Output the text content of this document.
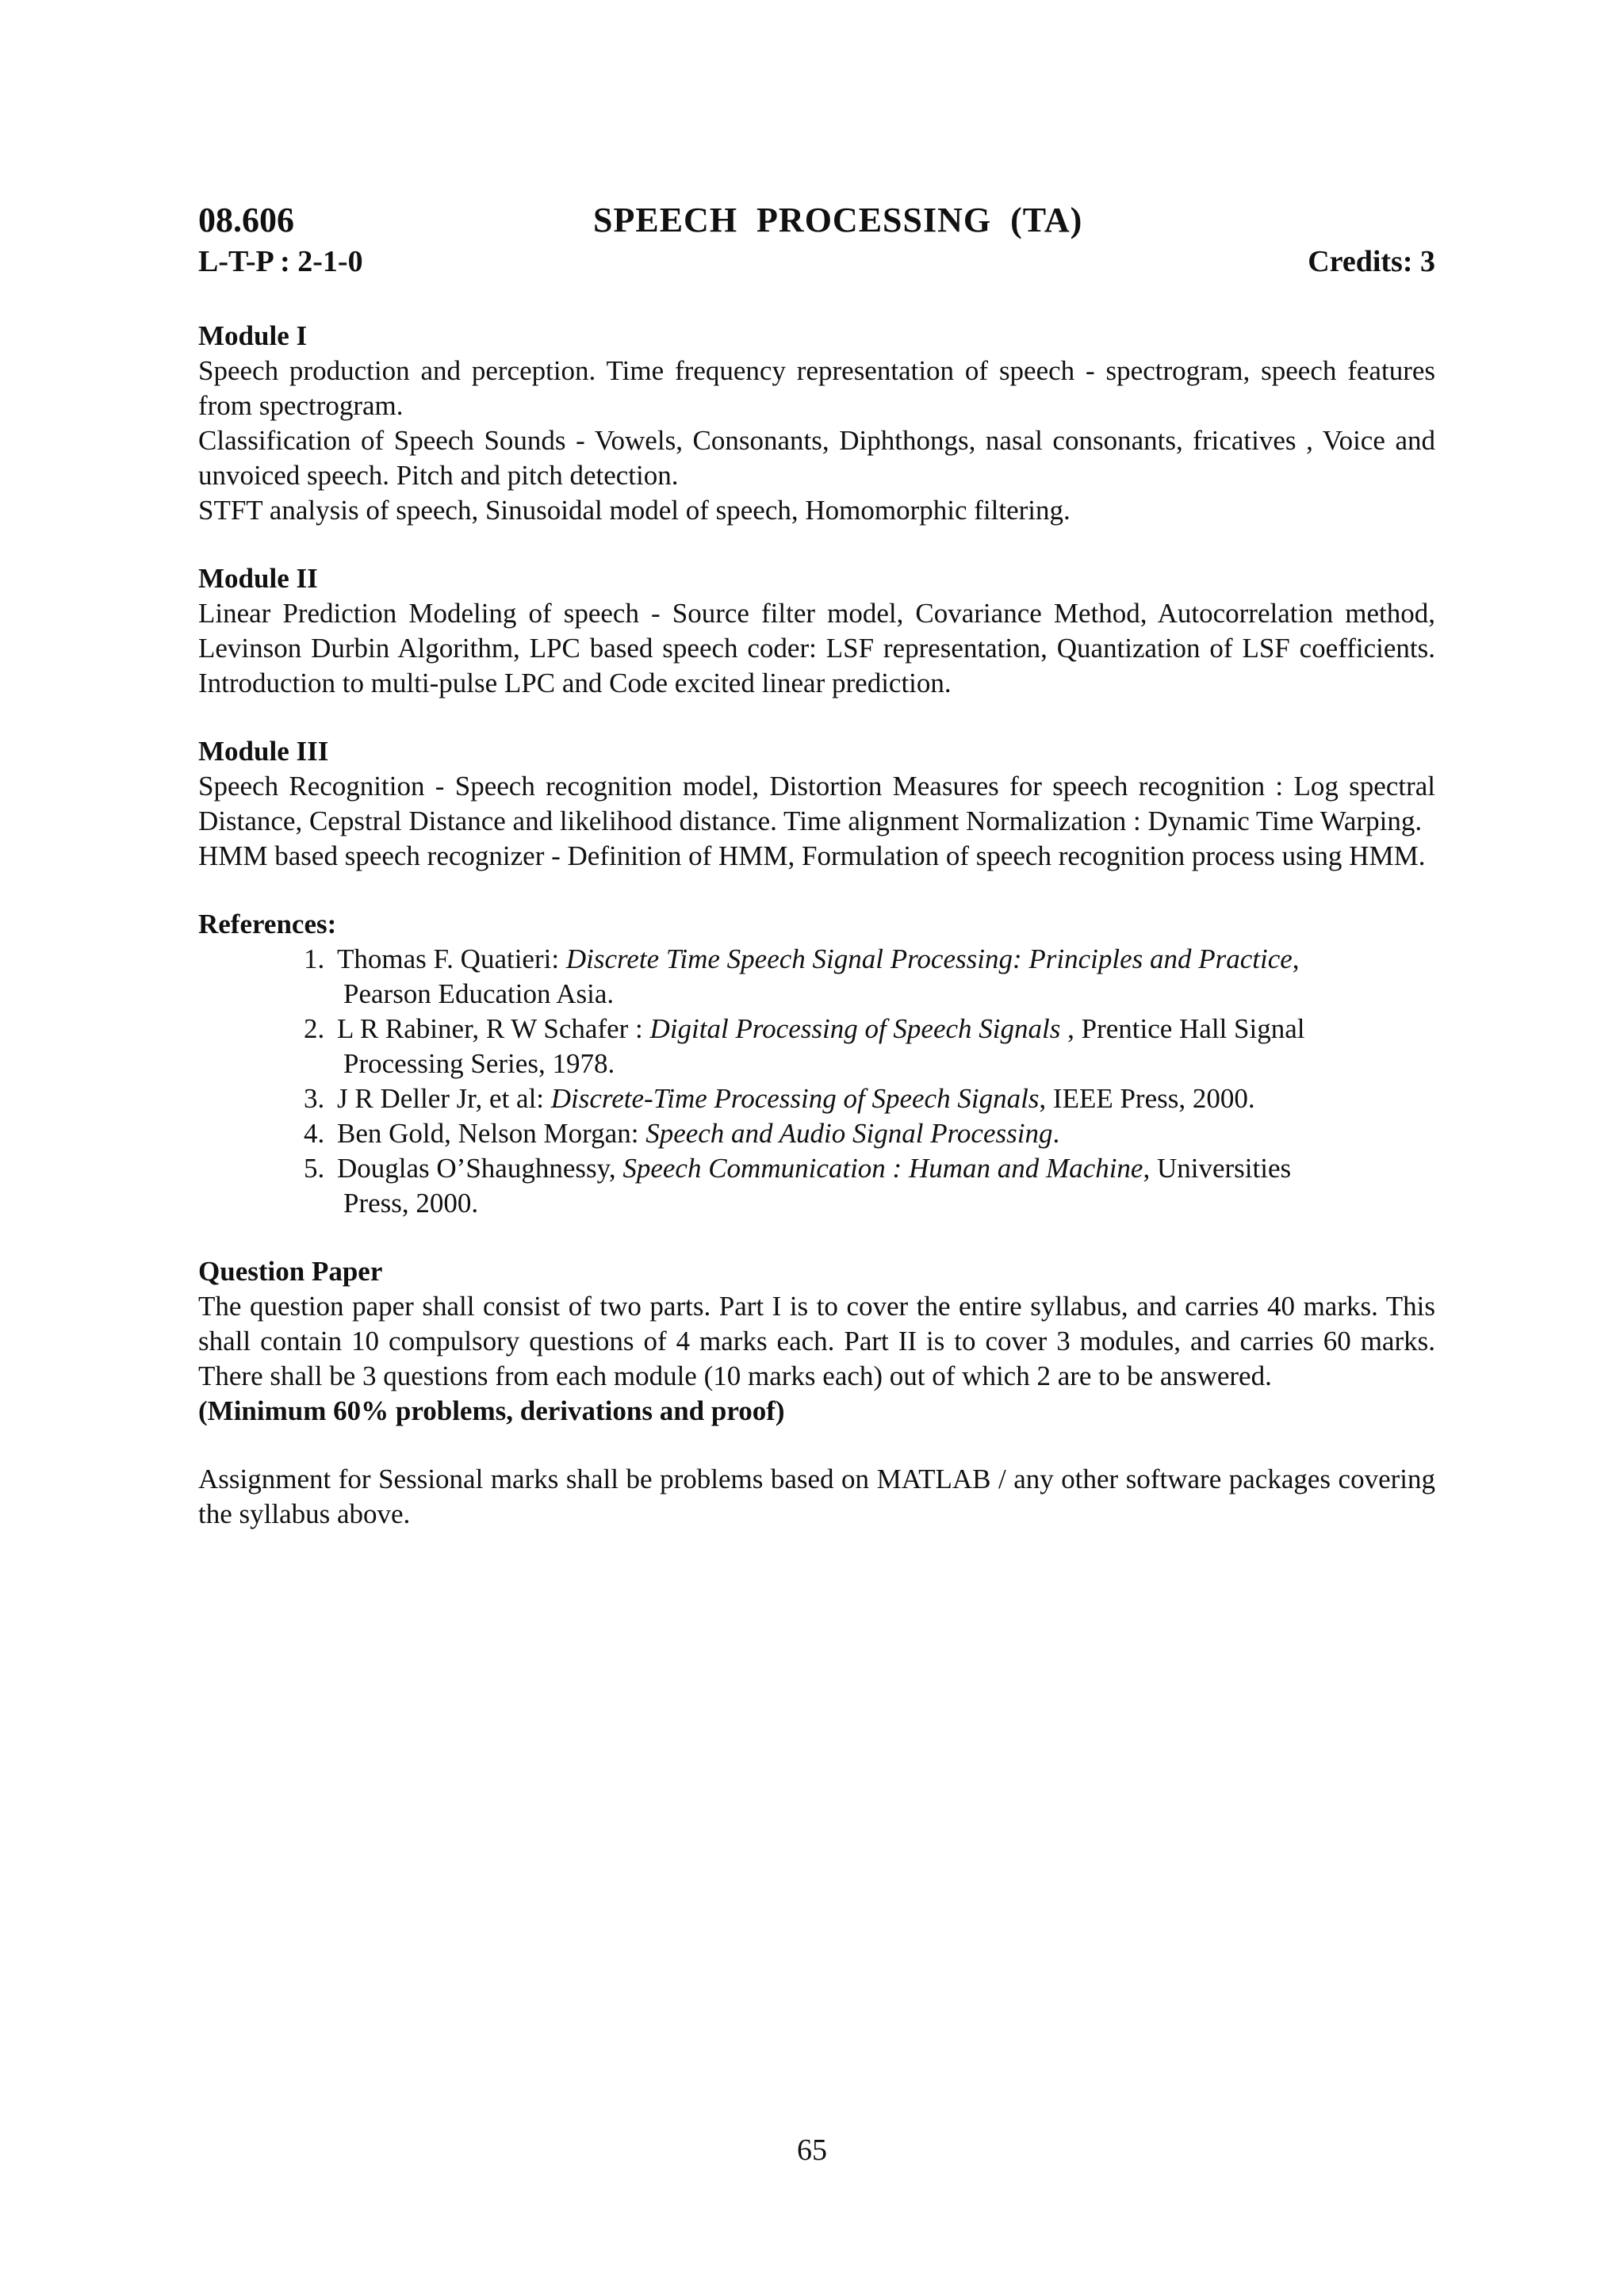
08.606	SPEECH  PROCESSING  (TA)
L-T-P : 2-1-0	Credits: 3
Module I

Speech production and perception. Time frequency representation of speech - spectrogram, speech features from spectrogram.

Classification of Speech Sounds - Vowels, Consonants, Diphthongs, nasal consonants, fricatives , Voice and unvoiced speech. Pitch and pitch detection.

STFT analysis of speech, Sinusoidal model of speech, Homomorphic filtering.

Module II

Linear Prediction Modeling of speech - Source filter model, Covariance Method, Autocorrelation method, Levinson Durbin Algorithm, LPC based speech coder: LSF representation, Quantization of LSF coefficients. Introduction to multi-pulse LPC and Code excited linear prediction.

Module III

Speech Recognition - Speech recognition model, Distortion Measures for speech recognition : Log spectral Distance, Cepstral Distance and likelihood distance. Time alignment Normalization : Dynamic Time Warping.

HMM based speech recognizer - Definition of HMM, Formulation of speech recognition process using HMM.

References:
1. Thomas F. Quatieri: Discrete Time Speech Signal Processing: Principles and Practice,
Pearson Education Asia.
2. L R Rabiner, R W Schafer : Digital Processing of Speech Signals , Prentice Hall Signal
Processing Series, 1978.
3. J R Deller Jr, et al: Discrete-Time Processing of Speech Signals, IEEE Press, 2000.
4. Ben Gold, Nelson Morgan: Speech and Audio Signal Processing.
5. Douglas O’Shaughnessy, Speech Communication : Human and Machine, Universities
Press, 2000.
Question Paper

The question paper shall consist of two parts. Part I is to cover the entire syllabus, and carries 40 marks. This shall contain 10 compulsory questions of 4 marks each. Part II is to cover 3 modules, and carries 60 marks. There shall be 3 questions from each module (10 marks each) out of which 2 are to be answered.

(Minimum 60% problems, derivations and proof)

Assignment for Sessional marks shall be problems based on MATLAB / any other software packages covering the syllabus above.

65
